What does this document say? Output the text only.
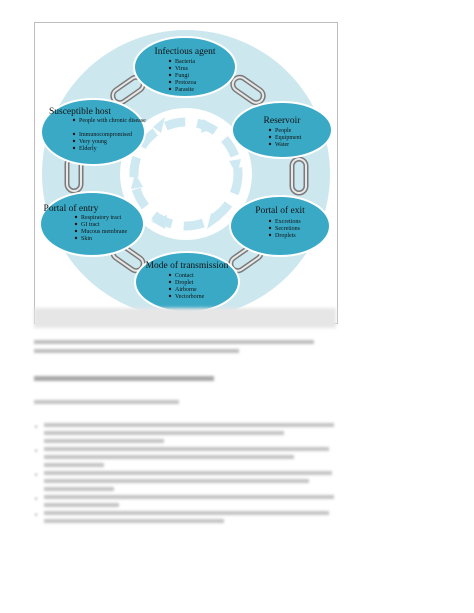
Infectious agent
Bacteria
Virus
Fungi
Protozoa
Parasite
Reservoir
People
Equipment
Water
Portal of exit
Excretions
Secretions
Droplets
Mode of transmission
Contact
Droplet
Airborne
Vectorborne
Portal of entry
Respiratory tract
GI tract
Mucous membrane
Skin
Susceptible host
People with chronic disease
Immunocompromised
Very young
Elderly
•
•
•
•
•
